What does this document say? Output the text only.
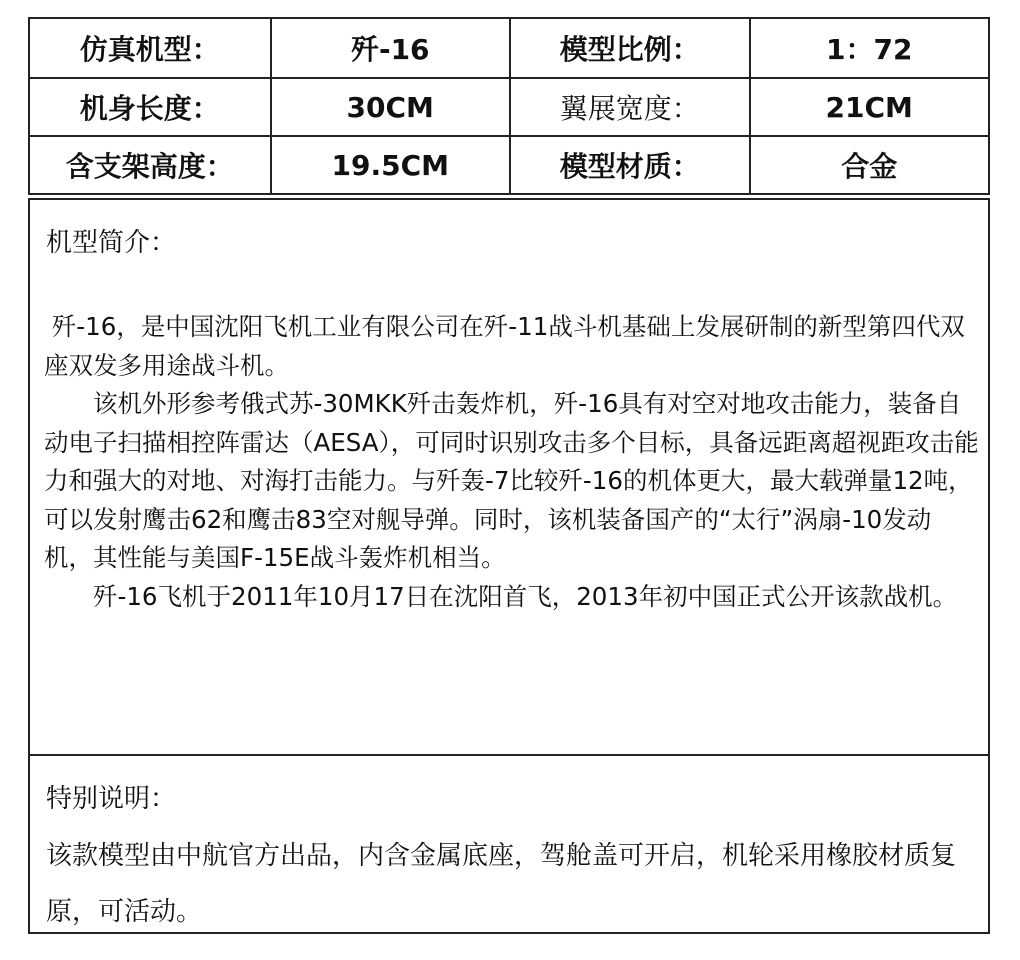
仿真机型：	歼-16	模型比例：	1：72
机身长度：	30CM	翼展宽度：	21CM
含支架高度：	19.5CM	模型材质：	合金
机型简介：

歼-16，是中国沈阳飞机工业有限公司在歼-11战斗机基础上发展研制的新型第四代双座双发多用途战斗机。

该机外形参考俄式苏-30MKK歼击轰炸机，歼-16具有对空对地攻击能力，装备自动电子扫描相控阵雷达（AESA），可同时识别攻击多个目标，具备远距离超视距攻击能力和强大的对地、对海打击能力。与歼轰-7比较歼-16的机体更大，最大载弹量12吨，可以发射鹰击62和鹰击83空对舰导弹。同时，该机装备国产的“太行”涡扇-10发动机，其性能与美国F-15E战斗轰炸机相当。

歼-16飞机于2011年10月17日在沈阳首飞，2013年初中国正式公开该款战机。

特别说明：
该款模型由中航官方出品，内含金属底座，驾舱盖可开启，机轮采用橡胶材质复原，可活动。
